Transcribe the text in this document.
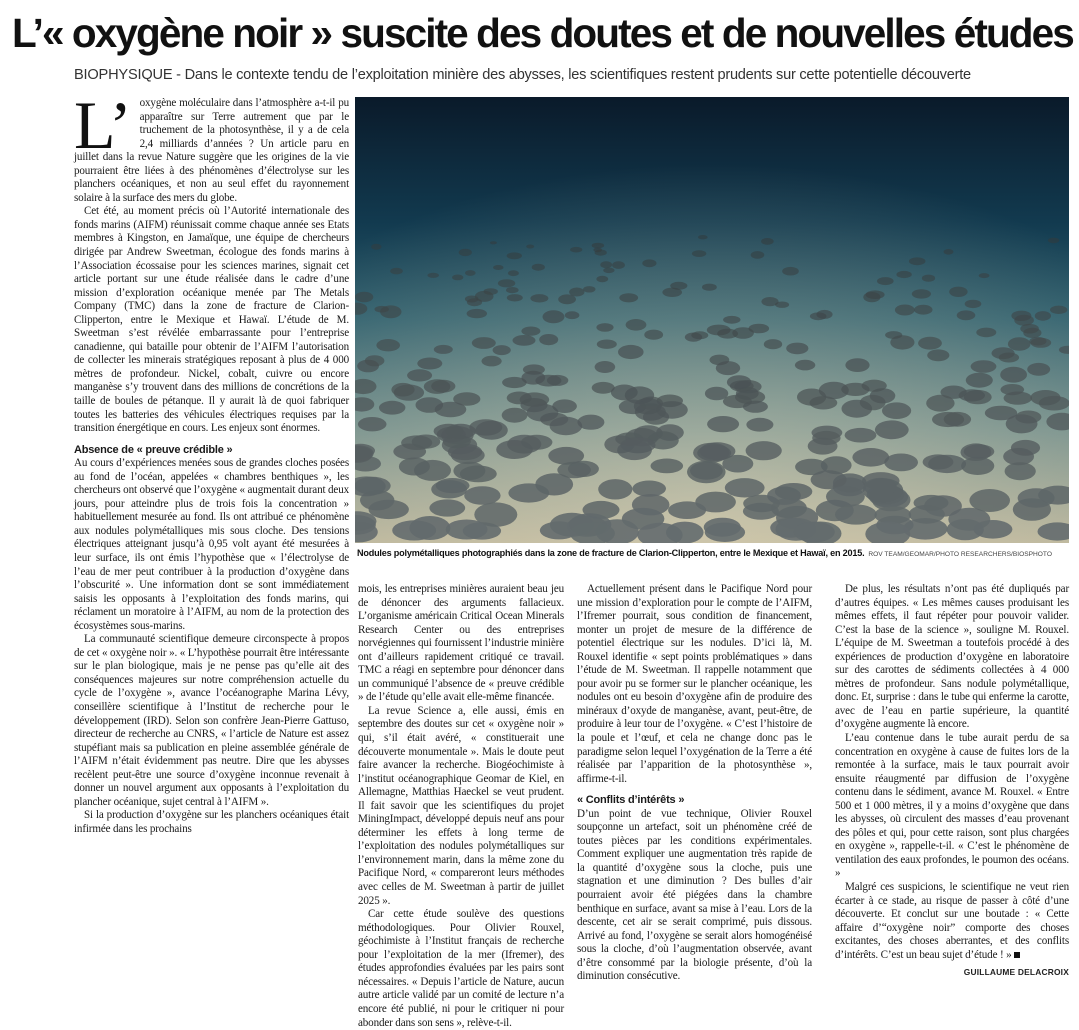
L’« oxygène noir » suscite des doutes et de nouvelles études
BIOPHYSIQUE - Dans le contexte tendu de l’exploitation minière des abysses, les scientifiques restent prudents sur cette potentielle découverte
L’ oxygène moléculaire dans l’atmosphère a-t-il pu apparaître sur Terre autrement que par le truchement de la photosynthèse, il y a de cela 2,4 milliards d’années ? Un article paru en juillet dans la revue Nature suggère que les origines de la vie pourraient être liées à des phénomènes d’électrolyse sur les planchers océaniques, et non au seul effet du rayonnement solaire à la surface des mers du globe.

Cet été, au moment précis où l’Autorité internationale des fonds marins (AIFM) réunissait comme chaque année ses Etats membres à Kingston, en Jamaïque, une équipe de chercheurs dirigée par Andrew Sweetman, écologue des fonds marins à l’Association écossaise pour les sciences marines, signait cet article portant sur une étude réalisée dans le cadre d’une mission d’exploration océanique menée par The Metals Company (TMC) dans la zone de fracture de Clarion-Clipperton, entre le Mexique et Hawaï. L’étude de M. Sweetman s’est révélée embarrassante pour l’entreprise canadienne, qui bataille pour obtenir de l’AIFM l’autorisation de collecter les minerais stratégiques reposant à plus de 4 000 mètres de profondeur. Nickel, cobalt, cuivre ou encore manganèse s’y trouvent dans des millions de concrétions de la taille de boules de pétanque. Il y aurait là de quoi fabriquer toutes les batteries des véhicules électriques requises par la transition énergétique en cours. Les enjeux sont énormes.

Absence de « preuve crédible »

Au cours d’expériences menées sous de grandes cloches posées au fond de l’océan, appelées « chambres benthiques », les chercheurs ont observé que l’oxygène « augmentait durant deux jours, pour atteindre plus de trois fois la concentration » habituellement mesurée au fond. Ils ont attribué ce phénomène aux nodules polymétalliques mis sous cloche. Des tensions électriques atteignant jusqu’à 0,95 volt ayant été mesurées à leur surface, ils ont émis l’hypothèse que « l’électrolyse de l’eau de mer peut contribuer à la production d’oxygène dans l’obscurité ». Une information dont se sont immédiatement saisis les opposants à l’exploitation des fonds marins, qui réclament un moratoire à l’AIFM, au nom de la protection des écosystèmes sous-marins.

La communauté scientifique demeure circonspecte à propos de cet « oxygène noir ». « L’hypothèse pourrait être intéressante sur le plan biologique, mais je ne pense pas qu’elle ait des conséquences majeures sur notre compréhension actuelle du cycle de l’oxygène », avance l’océanographe Marina Lévy, conseillère scientifique à l’Institut de recherche pour le développement (IRD). Selon son confrère Jean-Pierre Gattuso, directeur de recherche au CNRS, « l’article de Nature est assez stupéfiant mais sa publication en pleine assemblée générale de l’AIFM n’était évidemment pas neutre. Dire que les abysses recèlent peut-être une source d’oxygène inconnue revenait à donner un nouvel argument aux opposants à l’exploitation du plancher océanique, sujet central à l’AIFM ».

Si la production d’oxygène sur les planchers océaniques était infirmée dans les prochains

Nodules polymétalliques photographiés dans la zone de fracture de Clarion-Clipperton, entre le Mexique et Hawaï, en 2015. ROV TEAM/GEOMAR/PHOTO RESEARCHERS/BIOSPHOTO

mois, les entreprises minières auraient beau jeu de dénoncer des arguments fallacieux. L’organisme américain Critical Ocean Minerals Research Center ou des entreprises norvégiennes qui fournissent l’industrie minière ont d’ailleurs rapidement critiqué ce travail. TMC a réagi en septembre pour dénoncer dans un communiqué l’absence de « preuve crédible » de l’étude qu’elle avait elle-même financée.

La revue Science a, elle aussi, émis en septembre des doutes sur cet « oxygène noir » qui, s’il était avéré, « constituerait une découverte monumentale ». Mais le doute peut faire avancer la recherche. Biogéochimiste à l’institut océanographique Geomar de Kiel, en Allemagne, Matthias Haeckel se veut prudent. Il fait savoir que les scientifiques du projet MiningImpact, développé depuis neuf ans pour déterminer les effets à long terme de l’exploitation des nodules polymétalliques sur l’environnement marin, dans la même zone du Pacifique Nord, « compareront leurs méthodes avec celles de M. Sweetman à partir de juillet 2025 ».

Car cette étude soulève des questions méthodologiques. Pour Olivier Rouxel, géochimiste à l’Institut français de recherche pour l’exploitation de la mer (Ifremer), des études approfondies évaluées par les pairs sont nécessaires. « Depuis l’article de Nature, aucun autre article validé par un comité de lecture n’a encore été publié, ni pour le critiquer ni pour abonder dans son sens », relève-t-il.

Actuellement présent dans le Pacifique Nord pour une mission d’exploration pour le compte de l’AIFM, l’Ifremer pourrait, sous condition de financement, monter un projet de mesure de la différence de potentiel électrique sur les nodules. D’ici là, M. Rouxel identifie « sept points problématiques » dans l’étude de M. Sweetman. Il rappelle notamment que pour avoir pu se former sur le plancher océanique, les nodules ont eu besoin d’oxygène afin de produire des minéraux d’oxyde de manganèse, avant, peut-être, de produire à leur tour de l’oxygène. « C’est l’histoire de la poule et l’œuf, et cela ne change donc pas le paradigme selon lequel l’oxygénation de la Terre a été réalisée par l’apparition de la photosynthèse », affirme-t-il.

« Conflits d’intérêts »

D’un point de vue technique, Olivier Rouxel soupçonne un artefact, soit un phénomène créé de toutes pièces par les conditions expérimentales. Comment expliquer une augmentation très rapide de la quantité d’oxygène sous la cloche, puis une stagnation et une diminution ? Des bulles d’air pourraient avoir été piégées dans la chambre benthique en surface, avant sa mise à l’eau. Lors de la descente, cet air se serait comprimé, puis dissous. Arrivé au fond, l’oxygène se serait alors homogénéisé sous la cloche, d’où l’augmentation observée, avant d’être consommé par la biologie présente, d’où la diminution consécutive.

De plus, les résultats n’ont pas été dupliqués par d’autres équipes. « Les mêmes causes produisant les mêmes effets, il faut répéter pour pouvoir valider. C’est la base de la science », souligne M. Rouxel. L’équipe de M. Sweetman a toutefois procédé à des expériences de production d’oxygène en laboratoire sur des carottes de sédiments collectées à 4 000 mètres de profondeur. Sans nodule polymétallique, donc. Et, surprise : dans le tube qui enferme la carotte, avec de l’eau en partie supérieure, la quantité d’oxygène augmente là encore.

L’eau contenue dans le tube aurait perdu de sa concentration en oxygène à cause de fuites lors de la remontée à la surface, mais le taux pourrait avoir ensuite réaugmenté par diffusion de l’oxygène contenu dans le sédiment, avance M. Rouxel. « Entre 500 et 1 000 mètres, il y a moins d’oxygène que dans les abysses, où circulent des masses d’eau provenant des pôles et qui, pour cette raison, sont plus chargées en oxygène », rappelle-t-il. « C’est le phénomène de ventilation des eaux profondes, le poumon des océans. »

Malgré ces suspicions, le scientifique ne veut rien écarter à ce stade, au risque de passer à côté d’une découverte. Et conclut sur une boutade : « Cette affaire d’“oxygène noir” comporte des choses excitantes, des choses aberrantes, et des conflits d’intérêts. C’est un beau sujet d’étude ! »

GUILLAUME DELACROIX
